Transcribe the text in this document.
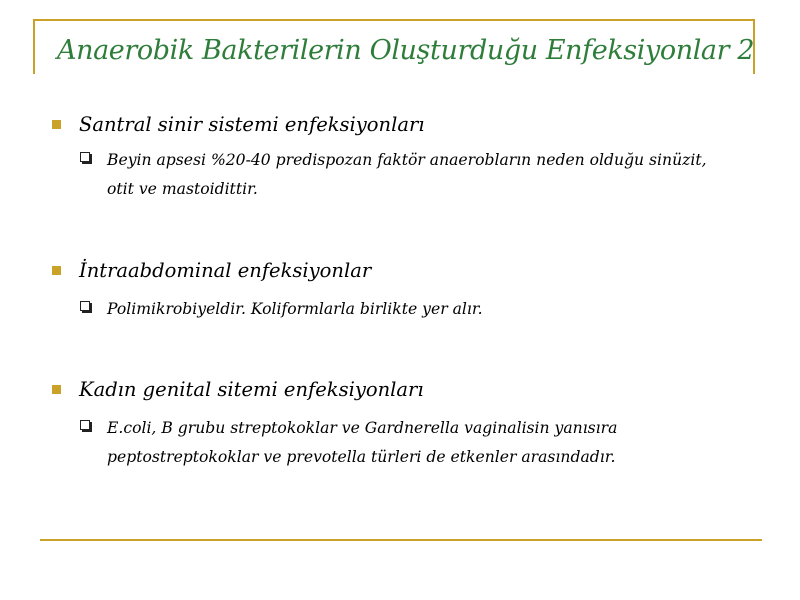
Anaerobik Bakterilerin Oluşturduğu Enfeksiyonlar 2
Santral sinir sistemi enfeksiyonları
Beyin apsesi %20-40 predispozan faktör anaerobların neden olduğu sinüzit, otit ve mastoidittir.
İntraabdominal enfeksiyonlar
Polimikrobiyeldir. Koliformlarla birlikte yer alır.
Kadın genital sitemi enfeksiyonları
E.coli, B grubu streptokoklar ve Gardnerella vaginalisin yanısıra peptostreptokoklar ve prevotella türleri de etkenler arasındadır.
